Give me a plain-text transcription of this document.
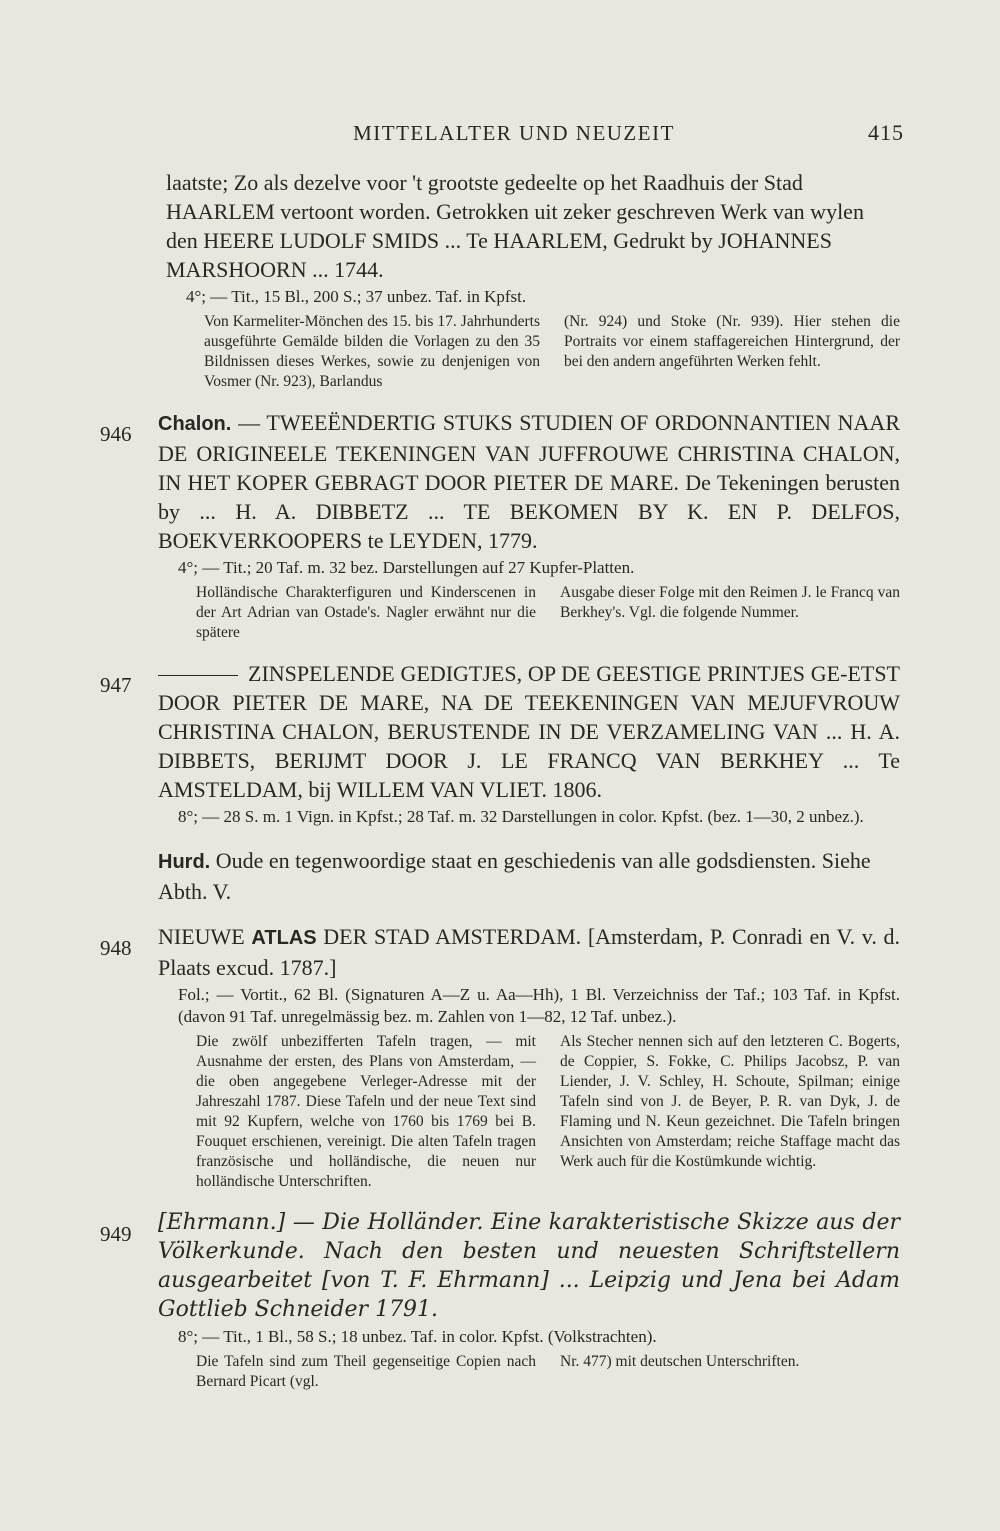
MITTELALTER UND NEUZEIT	415
laatste; Zo als dezelve voor 't grootste gedeelte op het Raadhuis der Stad HAARLEM vertoont worden. Getrokken uit zeker geschreven Werk van wylen den HEERE LUDOLF SMIDS ... Te HAARLEM, Gedrukt by JOHANNES MARSHOORN ... 1744.
4°; — Tit., 15 Bl., 200 S.; 37 unbez. Taf. in Kpfst.
Von Karmeliter-Mönchen des 15. bis 17. Jahrhunderts ausgeführte Gemälde bilden die Vorlagen zu den 35 Bildnissen dieses Werkes, sowie zu denjenigen von Vosmer (Nr. 923), Barlandus
(Nr. 924) und Stoke (Nr. 939). Hier stehen die Portraits vor einem staffagereichen Hintergrund, der bei den andern angeführten Werken fehlt.
946	Chalon. — TWEEËNDERTIG STUKS STUDIEN OF ORDONNANTIEN NAAR DE ORIGINEELE TEKENINGEN VAN JUFFROUWE CHRISTINA CHALON, IN HET KOPER GEBRAGT DOOR PIETER DE MARE. De Tekeningen berusten by ... H. A. DIBBETZ ... TE BEKOMEN BY K. EN P. DELFOS, BOEKVERKOOPERS te LEYDEN, 1779.
4°; — Tit.; 20 Taf. m. 32 bez. Darstellungen auf 27 Kupfer-Platten.
Holländische Charakterfiguren und Kinderscenen in der Art Adrian van Ostade's. Nagler erwähnt nur die spätere
Ausgabe dieser Folge mit den Reimen J. le Francq van Berkhey's. Vgl. die folgende Nummer.
947	ZINSPELENDE GEDIGTJES, OP DE GEESTIGE PRINTJES GE-ETST DOOR PIETER DE MARE, NA DE TEEKENINGEN VAN MEJUFVROUW CHRISTINA CHALON, BERUSTENDE IN DE VERZAMELING VAN ... H. A. DIBBETS, BERIJMT DOOR J. LE FRANCQ VAN BERKHEY ... Te AMSTELDAM, bij WILLEM VAN VLIET. 1806.
8°; — 28 S. m. 1 Vign. in Kpfst.; 28 Taf. m. 32 Darstellungen in color. Kpfst. (bez. 1—30, 2 unbez.).
Hurd. Oude en tegenwoordige staat en geschiedenis van alle godsdiensten. Siehe Abth. V.
948	NIEUWE ATLAS DER STAD AMSTERDAM. [Amsterdam, P. Conradi en V. v. d. Plaats excud. 1787.]
Fol.; — Vortit., 62 Bl. (Signaturen A—Z u. Aa—Hh), 1 Bl. Verzeichniss der Taf.; 103 Taf. in Kpfst. (davon 91 Taf. unregelmässig bez. m. Zahlen von 1—82, 12 Taf. unbez.).
Die zwölf unbezifferten Tafeln tragen, — mit Ausnahme der ersten, des Plans von Amsterdam, — die oben angegebene Verleger-Adresse mit der Jahreszahl 1787. Diese Tafeln und der neue Text sind mit 92 Kupfern, welche von 1760 bis 1769 bei B. Fouquet erschienen, vereinigt. Die alten Tafeln tragen französische und holländische, die neuen nur holländische Unterschriften.
Als Stecher nennen sich auf den letzteren C. Bogerts, de Coppier, S. Fokke, C. Philips Jacobsz, P. van Liender, J. V. Schley, H. Schoute, Spilman; einige Tafeln sind von J. de Beyer, P. R. van Dyk, J. de Flaming und N. Keun gezeichnet. Die Tafeln bringen Ansichten von Amsterdam; reiche Staffage macht das Werk auch für die Kostümkunde wichtig.
949	[Ehrmann.] — Die Holländer. Eine karakteristische Skizze aus der Völkerkunde. Nach den besten und neuesten Schriftstellern ausgearbeitet [von T. F. Ehrmann] ... Leipzig und Jena bei Adam Gottlieb Schneider 1791.
8°; — Tit., 1 Bl., 58 S.; 18 unbez. Taf. in color. Kpfst. (Volkstrachten).
Die Tafeln sind zum Theil gegenseitige Copien nach Bernard Picart (vgl.
Nr. 477) mit deutschen Unterschriften.
